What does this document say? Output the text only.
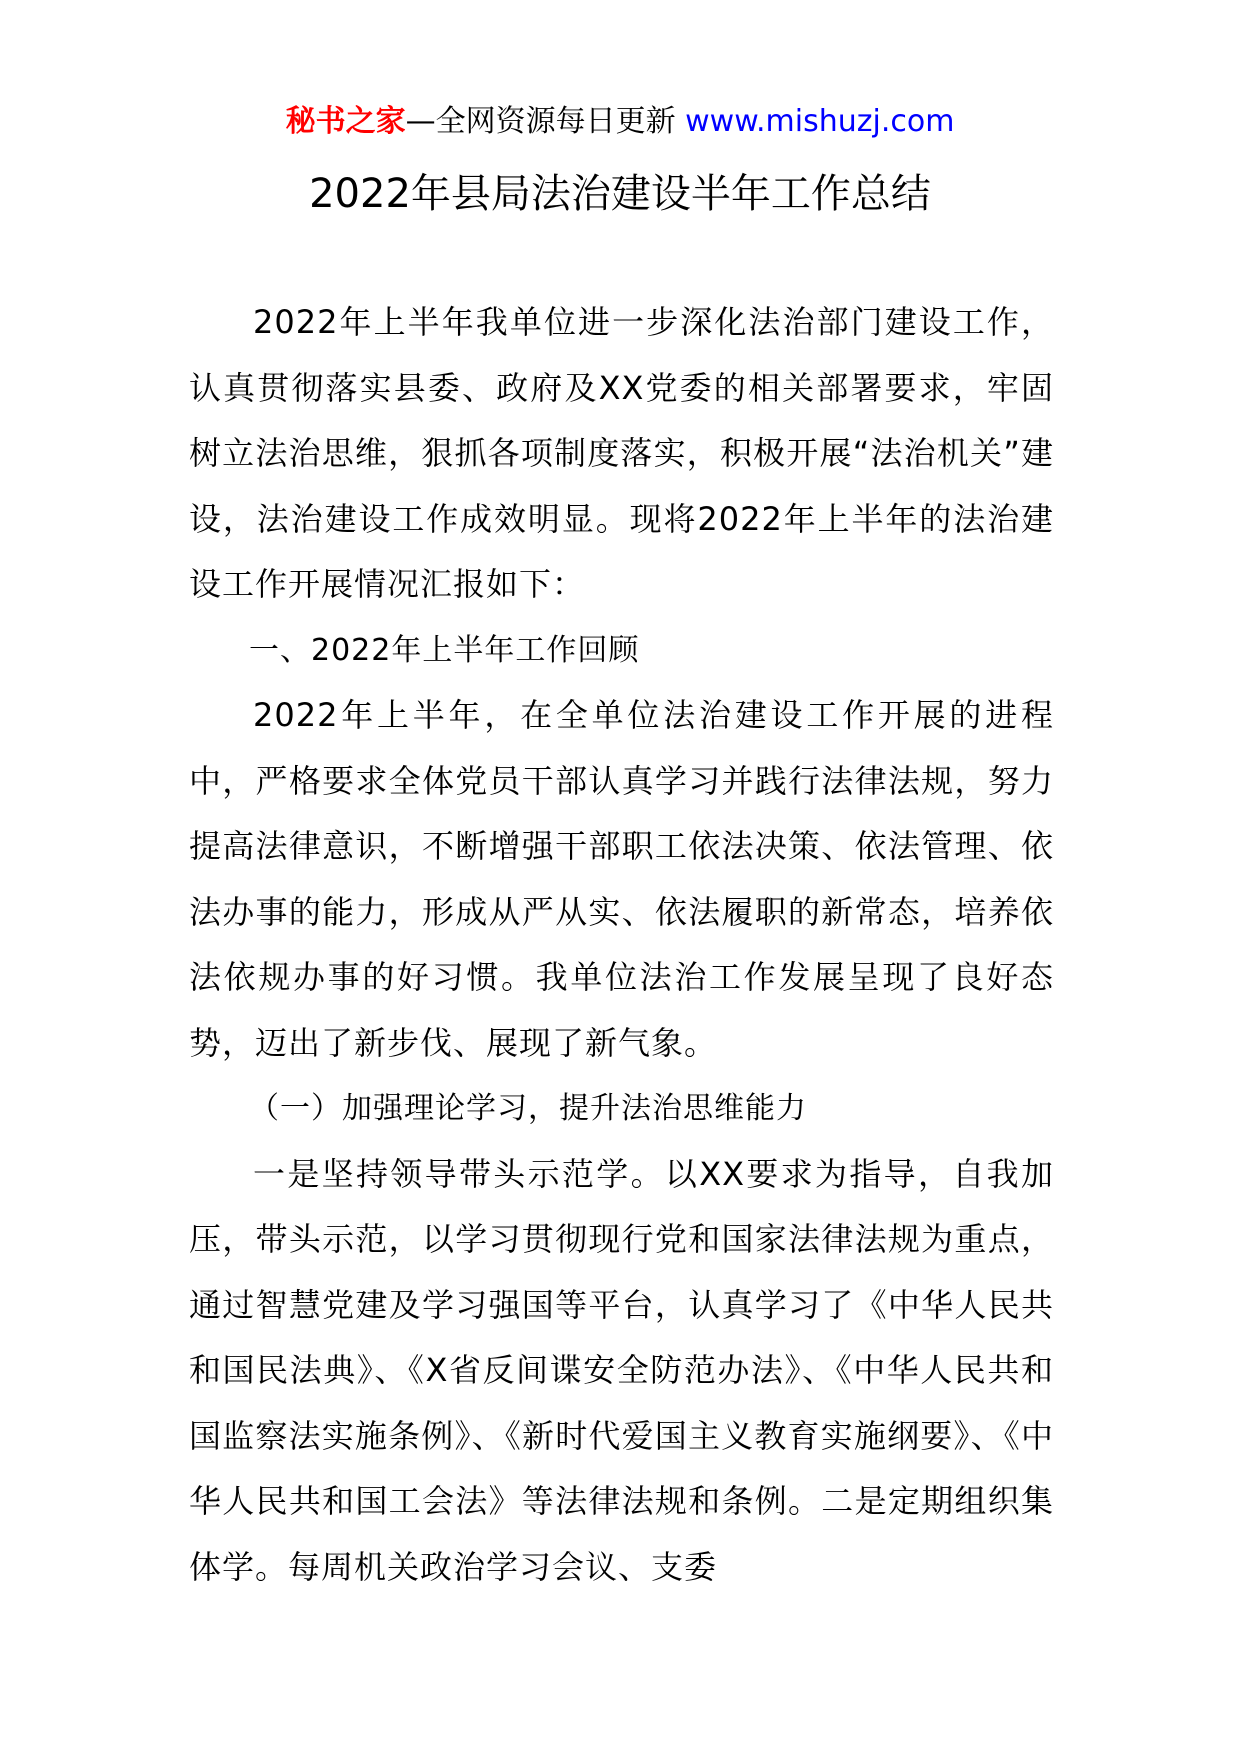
秘书之家—全网资源每日更新 www.mishuzj.com
2022年县局法治建设半年工作总结

2022年上半年我单位进一步深化法治部门建设工作，认真贯彻落实县委、政府及XX党委的相关部署要求，牢固树立法治思维，狠抓各项制度落实，积极开展“法治机关”建设，法治建设工作成效明显。现将2022年上半年的法治建设工作开展情况汇报如下：

一、2022年上半年工作回顾

2022年上半年，在全单位法治建设工作开展的进程中，严格要求全体党员干部认真学习并践行法律法规，努力提高法律意识，不断增强干部职工依法决策、依法管理、依法办事的能力，形成从严从实、依法履职的新常态，培养依法依规办事的好习惯。我单位法治工作发展呈现了良好态势，迈出了新步伐、展现了新气象。

（一）加强理论学习，提升法治思维能力

一是坚持领导带头示范学。以XX要求为指导，自我加压，带头示范，以学习贯彻现行党和国家法律法规为重点，通过智慧党建及学习强国等平台，认真学习了《中华人民共和国民法典》、《X省反间谍安全防范办法》、《中华人民共和国监察法实施条例》、《新时代爱国主义教育实施纲要》、《中华人民共和国工会法》等法律法规和条例。二是定期组织集体学。每周机关政治学习会议、支委
